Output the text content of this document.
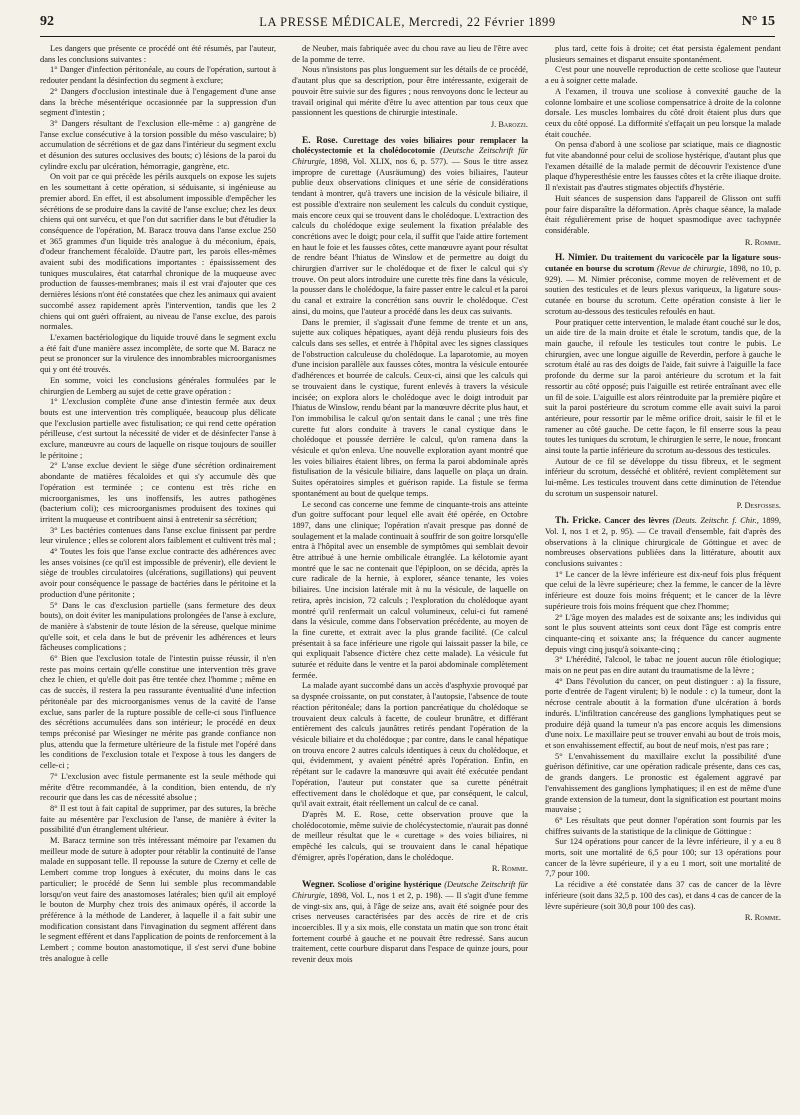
92	LA PRESSE MÉDICALE, Mercredi, 22 Février 1899	N° 15

Les dangers que présente ce procédé ont été résumés, par l'auteur, dans les conclusions suivantes :

1° Danger d'infection péritonéale, au cours de l'opération, surtout à redouter pendant la désinfection du segment à exclure;

2° Dangers d'occlusion intestinale due à l'engagement d'une anse dans la brèche mésentérique occasionnée par la suppression d'un segment d'intestin ;

3° Dangers résultant de l'exclusion elle-même : a) gangrène de l'anse exclue consécutive à la torsion possible du méso vasculaire; b) accumulation de sécrétions et de gaz dans l'intérieur du segment exclu et désunion des sutures occlusives des bouts; c) lésions de la paroi du cylindre exclu par ulcération, hémorragie, gangrène, etc.

On voit par ce qui précède les périls auxquels on expose les sujets en les soumettant à cette opération, si séduisante, si ingénieuse au premier abord. En effet, il est absolument impossible d'empêcher les sécrétions de se produire dans la cavité de l'anse exclue; chez les deux chiens qui ont survécu, et que l'on dut sacrifier dans le but d'étudier la conséquence de l'opération, M. Baracz trouva dans l'anse exclue 250 et 365 grammes d'un liquide très analogue à du méconium, épais, d'odeur franchement fécaloïde. D'autre part, les parois elles-mêmes avaient subi des modifications importantes : épaississement des tuniques musculaires, état catarrhal chronique de la muqueuse avec production de fausses-membranes; mais il est vrai d'ajouter que ces dernières lésions n'ont été constatées que chez les animaux qui avaient succombé assez rapidement après l'intervention, tandis que les 2 chiens qui ont guéri offraient, au niveau de l'anse exclue, des parois normales.

L'examen bactériologique du liquide trouvé dans le segment exclu a été fait d'une manière assez incomplète, de sorte que M. Baracz ne peut se prononcer sur la virulence des innombrables microorganismes qui y ont été trouvés.

En somme, voici les conclusions générales formulées par le chirurgien de Lemberg au sujet de cette grave opération :

1° L'exclusion complète d'une anse d'intestin fermée aux deux bouts est une intervention très compliquée, beaucoup plus délicate que l'exclusion partielle avec fistulisation; ce qui rend cette opération périlleuse, c'est surtout la nécessité de vider et de désinfecter l'anse à exclure, manœuvre au cours de laquelle on risque toujours de souiller le péritoine ;

2° L'anse exclue devient le siège d'une sécrétion ordinairement abondante de matières fécaloïdes et qui s'y accumule dès que l'opération est terminée ; ce contenu est très riche en microorganismes, les uns inoffensifs, les autres pathogènes (bacterium coli); ces microorganismes produisent des toxines qui irritent la muqueuse et contribuent ainsi à entretenir sa sécrétion;

3° Les bactéries contenues dans l'anse exclue finissent par perdre leur virulence ; elles se colorent alors faiblement et cultivent très mal ;

4° Toutes les fois que l'anse exclue contracte des adhérences avec les anses voisines (ce qu'il est impossible de prévenir), elle devient le siège de troubles circulatoires (ulcérations, sugillations) qui peuvent avoir pour conséquence le passage de bactéries dans le péritoine et la production d'une péritonite ;

5° Dans le cas d'exclusion partielle (sans fermeture des deux bouts), on doit éviter les manipulations prolongées de l'anse à exclure, de manière à s'abstenir de toute lésion de la séreuse, quelque minime qu'elle soit, et cela dans le but de prévenir les adhérences et leurs fâcheuses complications ;

6° Bien que l'exclusion totale de l'intestin puisse réussir, il n'en reste pas moins certain qu'elle constitue une intervention très grave chez le chien, et qu'elle doit pas être tentée chez l'homme ; même en cas de succès, il restera la peu rassurante éventualité d'une infection péritonéale par des microorganismes venus de la cavité de l'anse exclue, sans parler de la rupture possible de celle-ci sous l'influence des sécrétions accumulées dans son intérieur; le procédé en deux temps préconisé par Wiesinger ne mérite pas grande confiance non plus, attendu que la fermeture ultérieure de la fistule met l'opéré dans les conditions de l'exclusion totale et l'expose à tous les dangers de celle-ci ;

7° L'exclusion avec fistule permanente est la seule méthode qui mérite d'être recommandée, à la condition, bien entendu, de n'y recourir que dans les cas de nécessité absolue ;

8° Il est tout à fait capital de supprimer, par des sutures, la brèche faite au mésentère par l'exclusion de l'anse, de manière à éviter la possibilité d'un étranglement ultérieur.

M. Baracz termine son très intéressant mémoire par l'examen du meilleur mode de suture à adopter pour rétablir la continuité de l'anse malade en supposant telle. Il repousse la suture de Czerny et celle de Lembert comme trop longues à exécuter, du moins dans le cas particulier; le procédé de Senn lui semble plus recommandable lorsqu'on veut faire des anastomoses latérales; bien qu'il ait employé le bouton de Murphy chez trois des animaux opérés, il accorde la préférence à la méthode de Landerer, à laquelle il a fait subir une modification consistant dans l'invagination du segment afférent dans le segment efférent et dans l'application de points de renforcement à la Lembert ; comme bouton anastomotique, il s'est servi d'une bobine très analogue à celle

de Neuber, mais fabriquée avec du chou rave au lieu de l'être avec de la pomme de terre.

Nous n'insistons pas plus longuement sur les détails de ce procédé, d'autant plus que sa description, pour être intéressante, exigerait de pouvoir être suivie sur des figures ; nous renvoyons donc le lecteur au travail original qui mérite d'être lu avec attention par tous ceux que passionnent les questions de chirurgie intestinale.

J. Barozzi.

E. Rose. Curettage des voies biliaires pour remplacer la cholécystectomie et la cholédocotomie (Deutsche Zeitschrift für Chirurgie, 1898, Vol. XLIX, nos 6, p. 577). — Sous le titre assez impropre de curettage (Ausräumung) des voies biliaires, l'auteur publie deux observations cliniques et une série de considérations tendant à montrer, qu'à travers une incision de la vésicule biliaire, il est possible d'extraire non seulement les calculs du conduit cystique, mais encore ceux qui se trouvent dans le cholédoque. L'extraction des calculs du cholédoque exige seulement la fixation préalable des concrétions avec le doigt; pour cela, il suffit que l'aide attire fortement en haut le foie et les fausses côtes, cette manœuvre ayant pour résultat de rendre béant l'hiatus de Winslow et de permettre au doigt du chirurgien d'arriver sur le cholédoque et de fixer le calcul qui s'y trouve. On peut alors introduire une curette très fine dans la vésicule, la pousser dans le cholédoque, la faire passer entre le calcul et la paroi du canal et extraire la concrétion sans ouvrir le cholédoque. C'est ainsi, du moins, que l'auteur a procédé dans les deux cas suivants.

Dans le premier, il s'agissait d'une femme de trente et un ans, sujette aux coliques hépatiques, ayant déjà rendu plusieurs fois des calculs dans ses selles, et entrée à l'hôpital avec les signes classiques de l'obstruction calculeuse du cholédoque. La laparotomie, au moyen d'une incision parallèle aux fausses côtes, montra la vésicule entourée d'adhérences et bourrée de calculs. Ceux-ci, ainsi que les calculs qui se trouvaient dans le cystique, furent enlevés à travers la vésicule incisée; on explora alors le cholédoque avec le doigt introduit par l'hiatus de Winslow, rendu béant par la manœuvre décrite plus haut, et l'on immobilisa le calcul qu'on sentait dans le canal ; une très fine curette fut alors conduite à travers le canal cystique dans le cholédoque et poussée derrière le calcul, qu'on ramena dans la vésicule et qu'on enleva. Une nouvelle exploration ayant montré que les voies biliaires étaient libres, on ferma la paroi abdominale après fistulisation de la vésicule biliaire, dans laquelle on plaça un drain. Suites opératoires simples et guérison rapide. La fistule se ferma spontanément au bout de quelque temps.

Le second cas concerne une femme de cinquante-trois ans atteinte d'un goitre suffocant pour lequel elle avait été opérée, en Octobre 1897, dans une clinique; l'opération n'avait presque pas donné de soulagement et la malade continuait à souffrir de son goitre lorsqu'elle entra à l'hôpital avec un ensemble de symptômes qui semblait devoir être attribué à une hernie ombilicale étranglée. La kélotomie ayant montré que le sac ne contenait que l'épiploon, on se décida, après la cure radicale de la hernie, à explorer, séance tenante, les voies biliaires. Une incision latérale mit à nu la vésicule, de laquelle on retira, après incision, 72 calculs ; l'exploration du cholédoque ayant montré qu'il renfermait un calcul volumineux, celui-ci fut ramené dans la vésicule, comme dans l'observation précédente, au moyen de la fine curette, et extrait avec la plus grande facilité. (Ce calcul présentait à sa face inférieure une rigole qui laissait passer la bile, ce qui expliquait l'absence d'ictère chez cette malade). La vésicule fut suturée et réduite dans le ventre et la paroi abdominale complètement fermée.

La malade ayant succombé dans un accès d'asphyxie provoqué par sa dyspnée croissante, on put constater, à l'autopsie, l'absence de toute réaction péritonéale; dans la portion pancréatique du cholédoque se trouvaient deux calculs à facette, de couleur brunâtre, et différant entièrement des calculs jaunâtres retirés pendant l'opération de la vésicule biliaire et du cholédoque ; par contre, dans le canal hépatique on trouva encore 2 autres calculs identiques à ceux du cholédoque, et qui, évidemment, y avaient pénétré après l'opération. Enfin, en répétant sur le cadavre la manœuvre qui avait été exécutée pendant l'opération, l'auteur put constater que sa curette pénétrait effectivement dans le cholédoque et que, par conséquent, le calcul, qu'il avait extrait, était réellement un calcul de ce canal.

D'après M. E. Rose, cette observation prouve que la cholédocotomie, même suivie de cholécystectomie, n'aurait pas donné de meilleur résultat que le « curettage » des voies biliaires, ni empêché les calculs, qui se trouvaient dans le canal hépatique d'émigrer, après l'opération, dans le cholédoque.

R. Romme.

Wegner. Scoliose d'origine hystérique (Deutsche Zeitschrift für Chirurgie, 1898, Vol. L, nos 1 et 2, p. 198). — Il s'agit d'une femme de vingt-six ans, qui, à l'âge de seize ans, avait été soignée pour des crises nerveuses caractérisées par des accès de rire et de cris incoercibles. Il y a six mois, elle constata un matin que son tronc était fortement courbé à gauche et ne pouvait être redressé. Sans aucun traitement, cette courbure disparut dans l'espace de quinze jours, pour revenir deux mois

plus tard, cette fois à droite; cet état persista également pendant plusieurs semaines et disparut ensuite spontanément.

C'est pour une nouvelle reproduction de cette scoliose que l'auteur a eu à soigner cette malade.

A l'examen, il trouva une scoliose à convexité gauche de la colonne lombaire et une scoliose compensatrice à droite de la colonne dorsale. Les muscles lombaires du côté droit étaient plus durs que ceux du côté opposé. La difformité s'effaçait un peu lorsque la malade était couchée.

On pensa d'abord à une scoliose par sciatique, mais ce diagnostic fut vite abandonné pour celui de scoliose hystérique, d'autant plus que l'examen détaillé de la malade permit de découvrir l'existence d'une plaque d'hyperesthésie entre les fausses côtes et la crête iliaque droite. Il n'existait pas d'autres stigmates objectifs d'hystérie.

Huit séances de suspension dans l'appareil de Glisson ont suffi pour faire disparaître la déformation. Après chaque séance, la malade était régulièrement prise de hoquet spasmodique avec tachypnée considérable.

R. Romme.

H. Nimier. Du traitement du varicocèle par la ligature sous-cutanée en bourse du scrotum (Revue de chirurgie, 1898, no 10, p. 929). — M. Nimier préconise, comme moyen de relèvement et de soutien des testicules et de leurs plexus variqueux, la ligature sous-cutanée en bourse du scrotum. Cette opération consiste à lier le scrotum au-dessous des testicules refoulés en haut.

Pour pratiquer cette intervention, le malade étant couché sur le dos, un aide tire de la main droite et étale le scrotum, tandis que, de la main gauche, il refoule les testicules tout contre le pubis. Le chirurgien, avec une longue aiguille de Reverdin, perfore à gauche le scrotum étalé au ras des doigts de l'aide, fait suivre à l'aiguille la face profonde du derme sur la paroi antérieure du scrotum et la fait ressortir au côté opposé; puis l'aiguille est retirée entraînant avec elle un fil de soie. L'aiguille est alors réintroduite par la première piqûre et suit la paroi postérieure du scrotum comme elle avait suivi la paroi antérieure, pour ressortir par le même orifice droit, saisir le fil et le ramener au côté gauche. De cette façon, le fil enserre sous la peau toutes les tuniques du scrotum, le chirurgien le serre, le noue, froncant ainsi toute la partie inférieure du scrotum au-dessous des testicules.

Autour de ce fil se développe du tissu fibreux, et le segment inférieur du scrotum, desséché et oblitéré, revient complètement sur lui-même. Les testicules trouvent dans cette diminution de l'étendue du scrotum un suspensoir naturel.

P. Desfosses.

Th. Fricke. Cancer des lèvres (Deuts. Zeitschr. f. Chir., 1899, Vol. I, nos 1 et 2, p. 95). — Ce travail d'ensemble, fait d'après des observations à la clinique chirurgicale de Göttingue et avec de nombreuses observations publiées dans la littérature, aboutit aux conclusions suivantes :

1° Le cancer de la lèvre inférieure est dix-neuf fois plus fréquent que celui de la lèvre supérieure; chez la femme, le cancer de la lèvre inférieure est douze fois moins fréquent; et le cancer de la lèvre supérieure trois fois moins fréquent que chez l'homme;

2° L'âge moyen des malades est de soixante ans; les individus qui sont le plus souvent atteints sont ceux dont l'âge est compris entre cinquante-cinq et soixante ans; la fréquence du cancer augmente depuis vingt cinq jusqu'à soixante-cinq ;

3° L'hérédité, l'alcool, le tabac ne jouent aucun rôle étiologique; mais on ne peut pas en dire autant du traumatisme de la lèvre ;

4° Dans l'évolution du cancer, on peut distinguer : a) la fissure, porte d'entrée de l'agent virulent; b) le nodule : c) la tumeur, dont la nécrose centrale aboutit à la formation d'une ulcération à bords indurés. L'infiltration cancéreuse des ganglions lymphatiques peut se produire déjà quand la tumeur n'a pas encore acquis les dimensions d'une noix. Le maxillaire peut se trouver envahi au bout de trois mois, et son envahissement effectif, au bout de neuf mois, n'est pas rare ;

5° L'envahissement du maxillaire exclut la possibilité d'une guérison définitive, car une opération radicale présente, dans ces cas, de grands dangers. Le pronostic est également aggravé par l'envahissement des ganglions lymphatiques; il en est de même d'une grande extension de la tumeur, dont la signification est pourtant moins mauvaise ;

6° Les résultats que peut donner l'opération sont fournis par les chiffres suivants de la statistique de la clinique de Göttingue :

Sur 124 opérations pour cancer de la lèvre inférieure, il y a eu 8 morts, soit une mortalité de 6,5 pour 100; sur 13 opérations pour cancer de la lèvre supérieure, il y a eu 1 mort, soit une mortalité de 7,7 pour 100.

La récidive a été constatée dans 37 cas de cancer de la lèvre inférieure (soit dans 32,5 p. 100 des cas), et dans 4 cas de cancer de la lèvre supérieure (soit 30,8 pour 100 des cas).

R. Romme.
